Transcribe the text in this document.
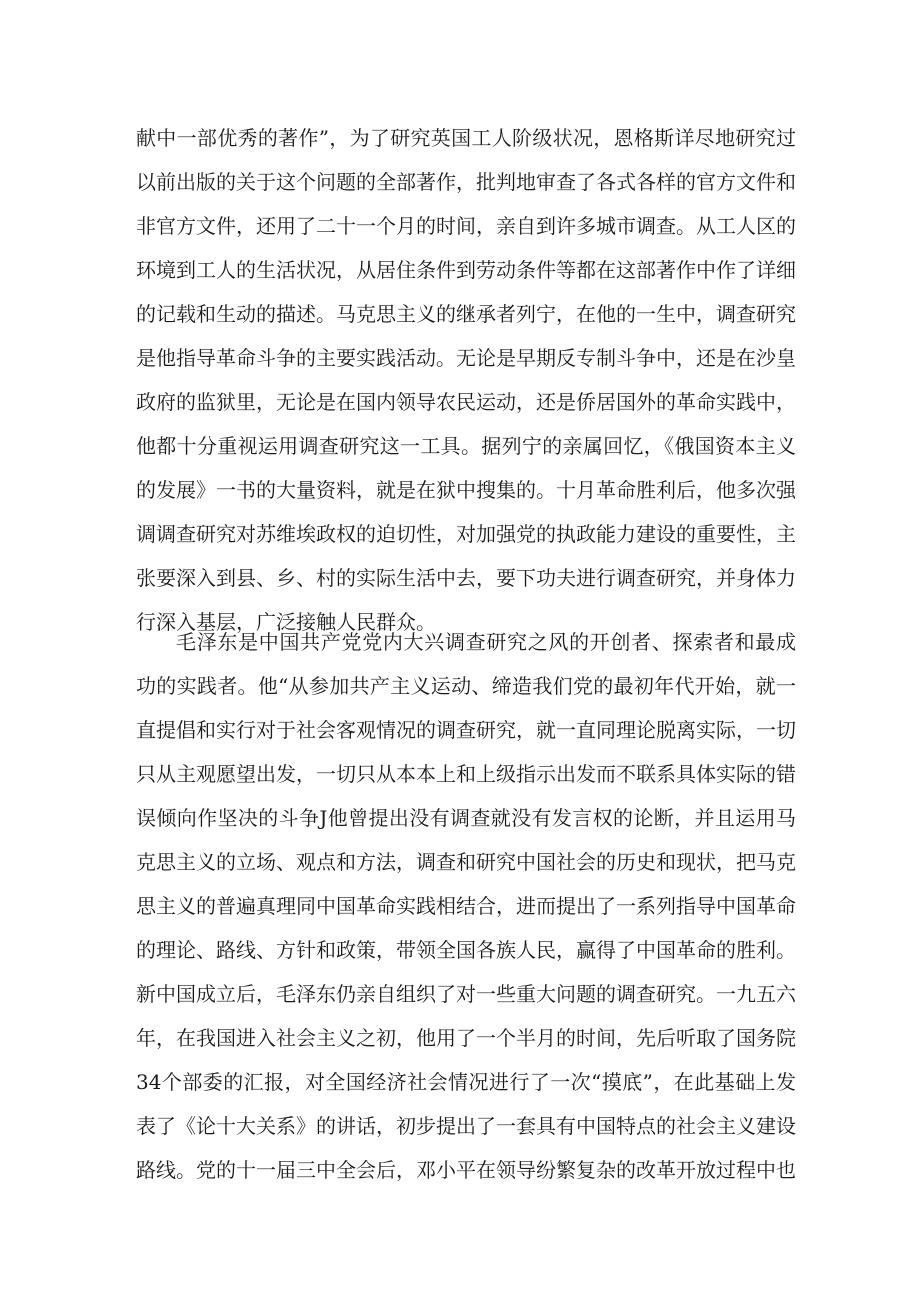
献中一部优秀的著作”，为了研究英国工人阶级状况，恩格斯详尽地研究过
以前出版的关于这个问题的全部著作，批判地审查了各式各样的官方文件和
非官方文件，还用了二十一个月的时间，亲自到许多城市调查。从工人区的
环境到工人的生活状况，从居住条件到劳动条件等都在这部著作中作了详细
的记载和生动的描述。马克思主义的继承者列宁，在他的一生中，调查研究
是他指导革命斗争的主要实践活动。无论是早期反专制斗争中，还是在沙皇
政府的监狱里，无论是在国内领导农民运动，还是侨居国外的革命实践中，
他都十分重视运用调查研究这一工具。据列宁的亲属回忆，《俄国资本主义
的发展》一书的大量资料，就是在狱中搜集的。十月革命胜利后，他多次强
调调查研究对苏维埃政权的迫切性，对加强党的执政能力建设的重要性，主
张要深入到县、乡、村的实际生活中去，要下功夫进行调查研究，并身体力
行深入基层，广泛接触人民群众。
毛泽东是中国共产党党内大兴调查研究之风的开创者、探索者和最成
功的实践者。他“从参加共产主义运动、缔造我们党的最初年代开始，就一
直提倡和实行对于社会客观情况的调查研究，就一直同理论脱离实际，一切
只从主观愿望出发，一切只从本本上和上级指示出发而不联系具体实际的错
误倾向作坚决的斗争J他曾提出没有调查就没有发言权的论断，并且运用马
克思主义的立场、观点和方法，调查和研究中国社会的历史和现状，把马克
思主义的普遍真理同中国革命实践相结合，进而提出了一系列指导中国革命
的理论、路线、方针和政策，带领全国各族人民，赢得了中国革命的胜利。
新中国成立后，毛泽东仍亲自组织了对一些重大问题的调查研究。一九五六
年，在我国进入社会主义之初，他用了一个半月的时间，先后听取了国务院
34个部委的汇报，对全国经济社会情况进行了一次“摸底”，在此基础上发
表了《论十大关系》的讲话，初步提出了一套具有中国特点的社会主义建设
路线。党的十一届三中全会后，邓小平在领导纷繁复杂的改革开放过程中也
